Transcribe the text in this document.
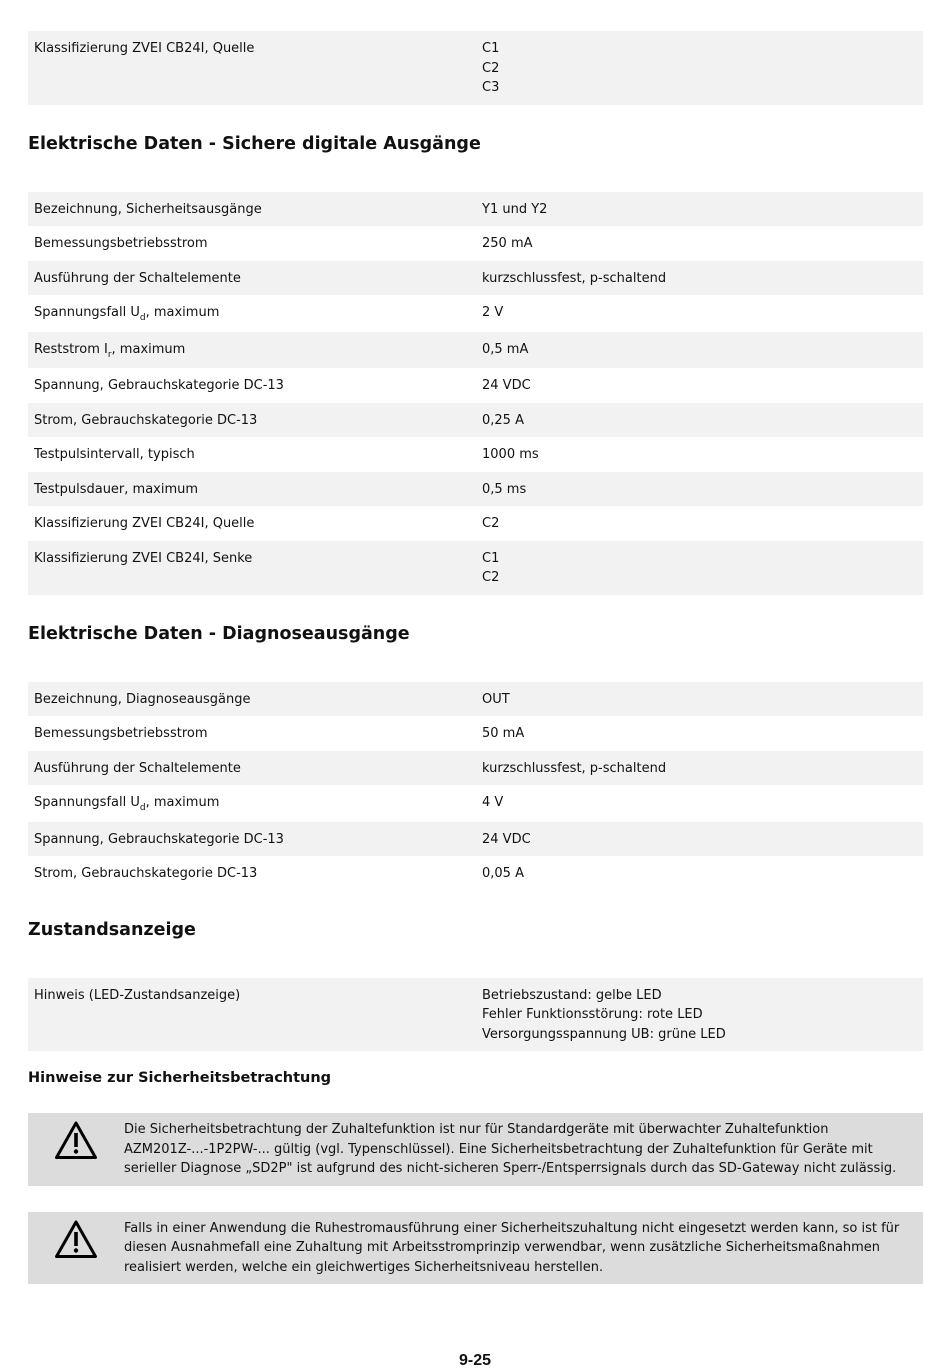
Klassifizierung ZVEI CB24I, Quelle	C1
C2
C3
Elektrische Daten - Sichere digitale Ausgänge
Bezeichnung, Sicherheitsausgänge	Y1 und Y2

Bemessungsbetriebsstrom	250 mA

Ausführung der Schaltelemente	kurzschlussfest, p-schaltend

Spannungsfall $U_d$, maximum	2 V

Reststrom $I_r$, maximum	0,5 mA

Spannung, Gebrauchskategorie DC-13	24 VDC

Strom, Gebrauchskategorie DC-13	0,25 A

Testpulsintervall, typisch	1000 ms

Testpulsdauer, maximum	0,5 ms

Klassifizierung ZVEI CB24I, Quelle	C2

Klassifizierung ZVEI CB24I, Senke	C1
C2
Elektrische Daten - Diagnoseausgänge
Bezeichnung, Diagnoseausgänge	OUT

Bemessungsbetriebsstrom	50 mA

Ausführung der Schaltelemente	kurzschlussfest, p-schaltend

Spannungsfall $U_d$, maximum	4 V

Spannung, Gebrauchskategorie DC-13	24 VDC

Strom, Gebrauchskategorie DC-13	0,05 A
Zustandsanzeige
Hinweis (LED-Zustandsanzeige)	Betriebszustand: gelbe LED
Fehler Funktionsstörung: rote LED
Versorgungsspannung UB: grüne LED
Hinweise zur Sicherheitsbetrachtung
Die Sicherheitsbetrachtung der Zuhaltefunktion ist nur für Standardgeräte mit überwachter Zuhaltefunktion AZM201Z-...-1P2PW-... gültig (vgl. Typenschlüssel). Eine Sicherheitsbetrachtung der Zuhaltefunktion für Geräte mit serieller Diagnose „SD2P" ist aufgrund des nicht-sicheren Sperr-/Entsperrsignals durch das SD-Gateway nicht zulässig.
Falls in einer Anwendung die Ruhestromausführung einer Sicherheitszuhaltung nicht eingesetzt werden kann, so ist für diesen Ausnahmefall eine Zuhaltung mit Arbeitsstromprinzip verwendbar, wenn zusätzliche Sicherheitsmaßnahmen realisiert werden, welche ein gleichwertiges Sicherheitsniveau herstellen.
9-25
